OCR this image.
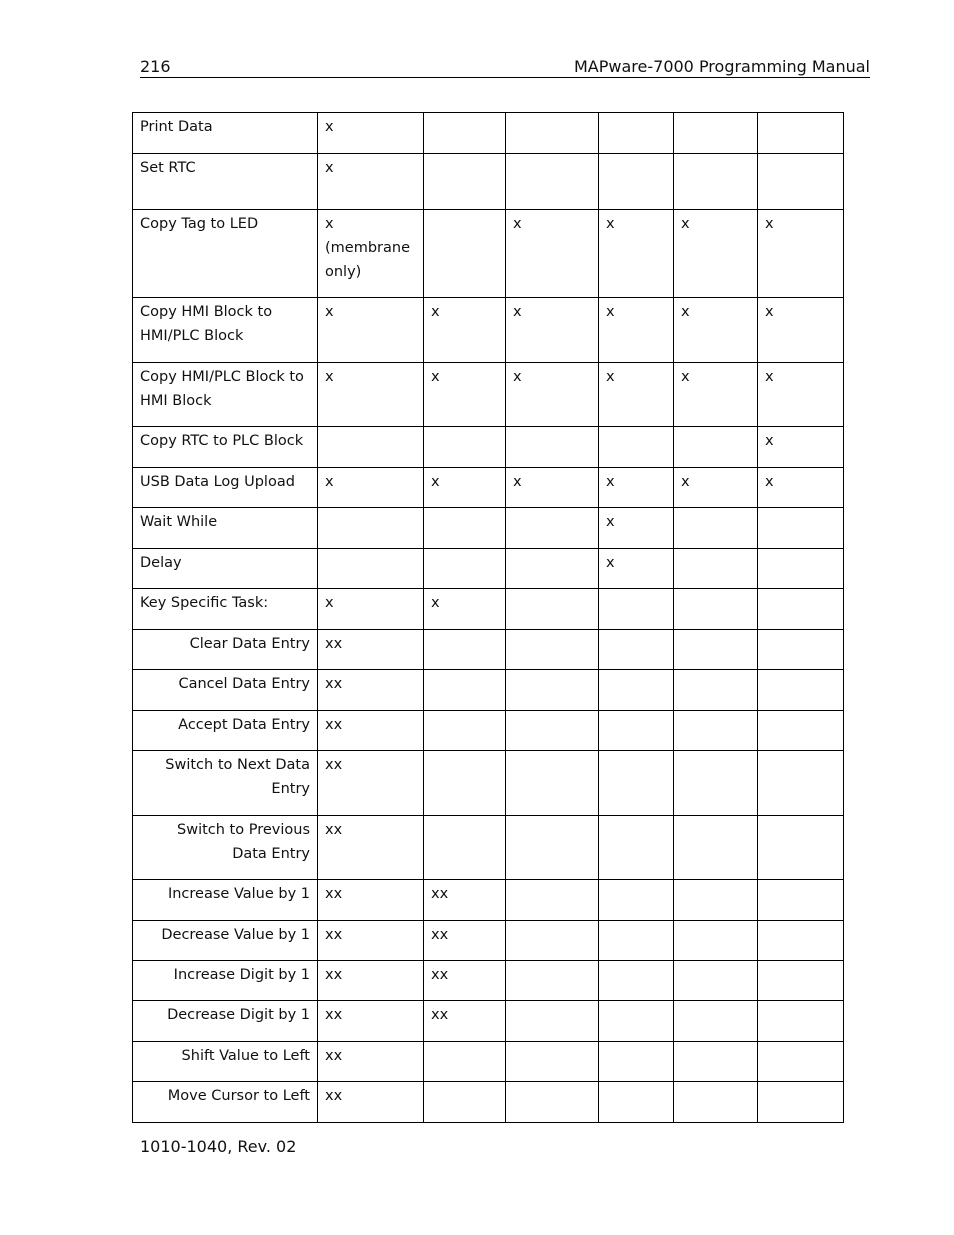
216	MAPware-7000 Programming Manual
Print Data	x					
Set RTC	x					
Copy Tag to LED	x (membrane only)		x	x	x	x
Copy HMI Block to HMI/PLC Block	x	x	x	x	x	x
Copy HMI/PLC Block to HMI Block	x	x	x	x	x	x
Copy RTC to PLC Block						x
USB Data Log Upload	x	x	x	x	x	x
Wait While				x		
Delay				x		
Key Specific Task:	x	x				
Clear Data Entry	xx					
Cancel Data Entry	xx					
Accept Data Entry	xx					
Switch to Next Data Entry	xx					
Switch to Previous Data Entry	xx					
Increase Value by 1	xx	xx				
Decrease Value by 1	xx	xx				
Increase Digit by 1	xx	xx				
Decrease Digit by 1	xx	xx				
Shift Value to Left	xx					
Move Cursor to Left	xx					
1010-1040, Rev. 02
